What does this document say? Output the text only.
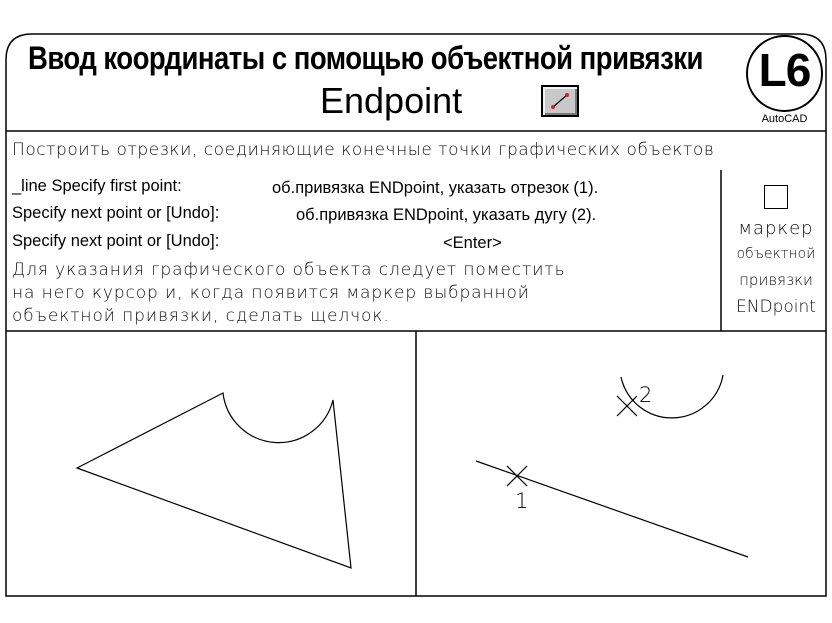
1
2
Ввод координаты с помощью объектной привязки
Endpoint
L6
AutoCAD
Построить отрезки, соединяющие конечные точки графических объектов
_line Specify first point:	об.привязка ENDpoint, указать отрезок (1).
Specify next point or [Undo]:	об.привязка ENDpoint, указать дугу (2).
Specify next point or [Undo]:	<Enter>
Для указания графического объекта следует поместить
на него курсор и, когда появится маркер выбранной
объектной привязки, сделать щелчок.
маркер
объектной
привязки
ENDpoint
